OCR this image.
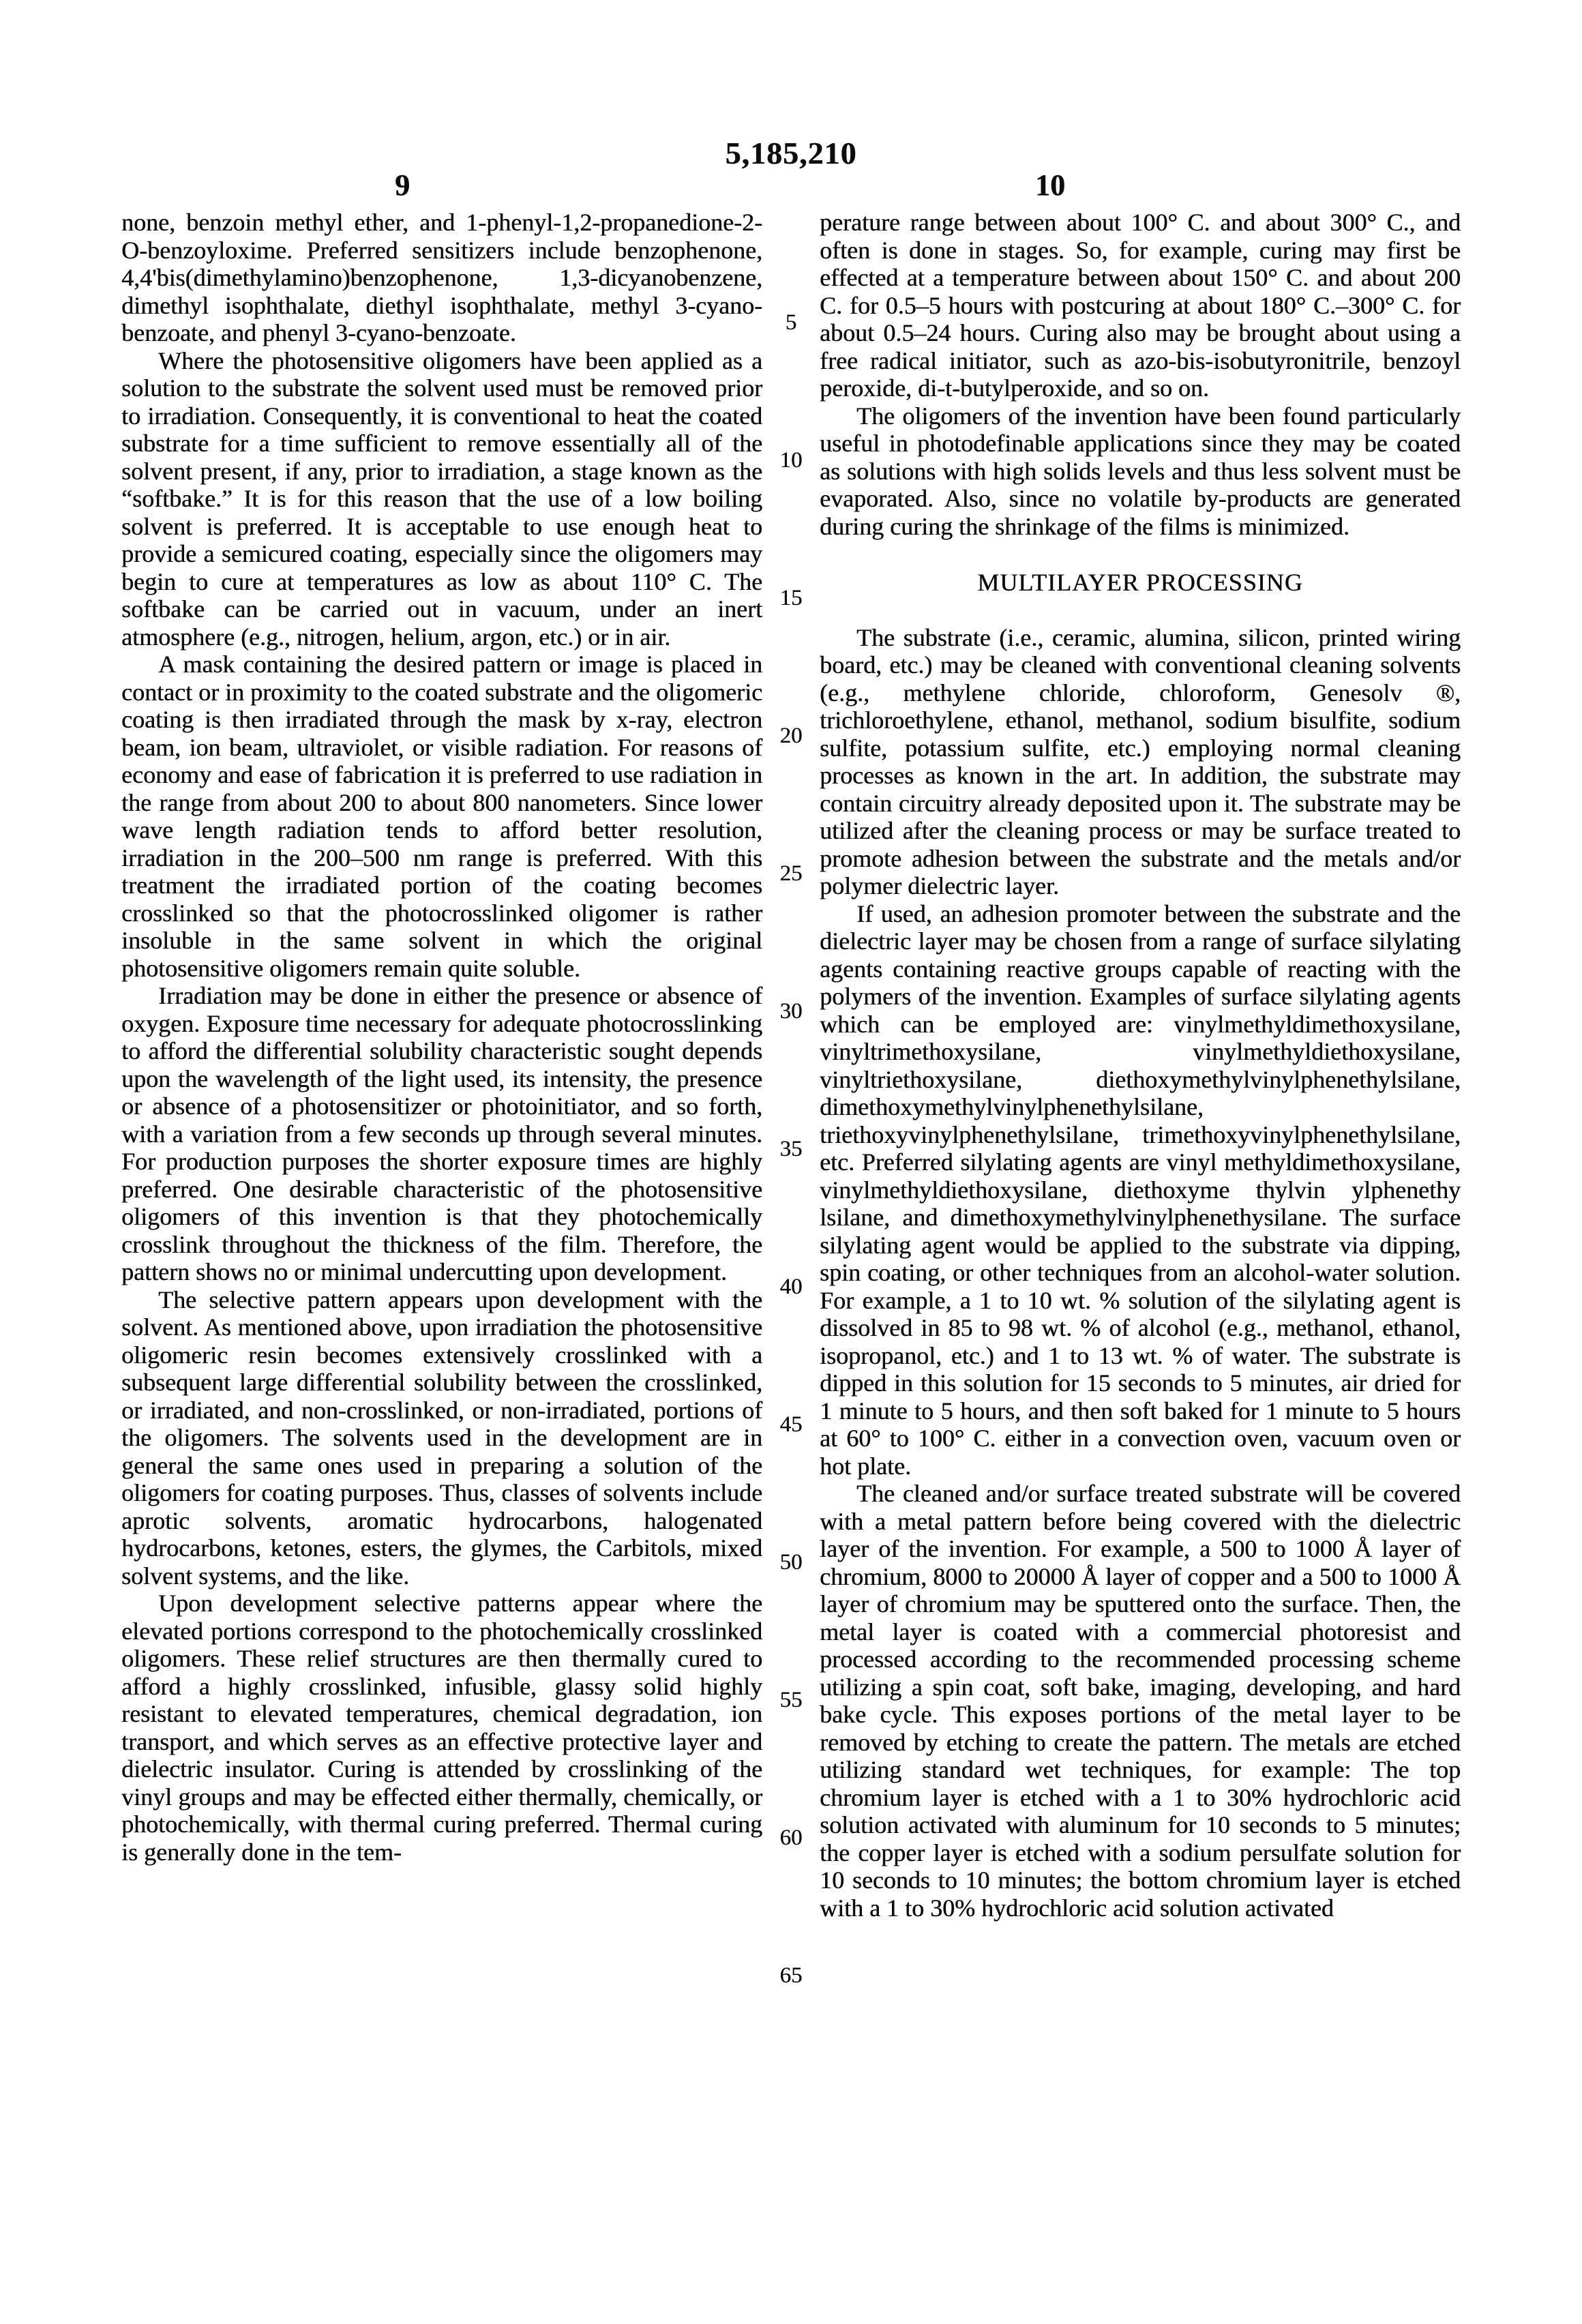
5,185,210
9	10
5
10
15
20
25
30
35
40
45
50
55
60
65

none, benzoin methyl ether, and 1-phenyl-1,2-propanedione-2-O-benzoyloxime. Preferred sensitizers include benzophenone, 4,4'bis(dimethylamino)benzophenone, 1,3-dicyanobenzene, dimethyl isophthalate, diethyl isophthalate, methyl 3-cyano-benzoate, and phenyl 3-cyano-benzoate.

Where the photosensitive oligomers have been applied as a solution to the substrate the solvent used must be removed prior to irradiation. Consequently, it is conventional to heat the coated substrate for a time sufficient to remove essentially all of the solvent present, if any, prior to irradiation, a stage known as the “softbake.” It is for this reason that the use of a low boiling solvent is preferred. It is acceptable to use enough heat to provide a semicured coating, especially since the oligomers may begin to cure at temperatures as low as about 110° C. The softbake can be carried out in vacuum, under an inert atmosphere (e.g., nitrogen, helium, argon, etc.) or in air.

A mask containing the desired pattern or image is placed in contact or in proximity to the coated substrate and the oligomeric coating is then irradiated through the mask by x-ray, electron beam, ion beam, ultraviolet, or visible radiation. For reasons of economy and ease of fabrication it is preferred to use radiation in the range from about 200 to about 800 nanometers. Since lower wave length radiation tends to afford better resolution, irradiation in the 200–500 nm range is preferred. With this treatment the irradiated portion of the coating becomes crosslinked so that the photocrosslinked oligomer is rather insoluble in the same solvent in which the original photosensitive oligomers remain quite soluble.

Irradiation may be done in either the presence or absence of oxygen. Exposure time necessary for adequate photocrosslinking to afford the differential solubility characteristic sought depends upon the wavelength of the light used, its intensity, the presence or absence of a photosensitizer or photoinitiator, and so forth, with a variation from a few seconds up through several minutes. For production purposes the shorter exposure times are highly preferred. One desirable characteristic of the photosensitive oligomers of this invention is that they photochemically crosslink throughout the thickness of the film. Therefore, the pattern shows no or minimal undercutting upon development.

The selective pattern appears upon development with the solvent. As mentioned above, upon irradiation the photosensitive oligomeric resin becomes extensively crosslinked with a subsequent large differential solubility between the crosslinked, or irradiated, and non-crosslinked, or non-irradiated, portions of the oligomers. The solvents used in the development are in general the same ones used in preparing a solution of the oligomers for coating purposes. Thus, classes of solvents include aprotic solvents, aromatic hydrocarbons, halogenated hydrocarbons, ketones, esters, the glymes, the Carbitols, mixed solvent systems, and the like.

Upon development selective patterns appear where the elevated portions correspond to the photochemically crosslinked oligomers. These relief structures are then thermally cured to afford a highly crosslinked, infusible, glassy solid highly resistant to elevated temperatures, chemical degradation, ion transport, and which serves as an effective protective layer and dielectric insulator. Curing is attended by crosslinking of the vinyl groups and may be effected either thermally, chemically, or photochemically, with thermal curing preferred. Thermal curing is generally done in the tem-

perature range between about 100° C. and about 300° C., and often is done in stages. So, for example, curing may first be effected at a temperature between about 150° C. and about 200 C. for 0.5–5 hours with postcuring at about 180° C.–300° C. for about 0.5–24 hours. Curing also may be brought about using a free radical initiator, such as azo-bis-isobutyronitrile, benzoyl peroxide, di-t-butylperoxide, and so on.

The oligomers of the invention have been found particularly useful in photodefinable applications since they may be coated as solutions with high solids levels and thus less solvent must be evaporated. Also, since no volatile by-products are generated during curing the shrinkage of the films is minimized.

MULTILAYER PROCESSING

The substrate (i.e., ceramic, alumina, silicon, printed wiring board, etc.) may be cleaned with conventional cleaning solvents (e.g., methylene chloride, chloroform, Genesolv ®, trichloroethylene, ethanol, methanol, sodium bisulfite, sodium sulfite, potassium sulfite, etc.) employing normal cleaning processes as known in the art. In addition, the substrate may contain circuitry already deposited upon it. The substrate may be utilized after the cleaning process or may be surface treated to promote adhesion between the substrate and the metals and/or polymer dielectric layer.

If used, an adhesion promoter between the substrate and the dielectric layer may be chosen from a range of surface silylating agents containing reactive groups capable of reacting with the polymers of the invention. Examples of surface silylating agents which can be employed are: vinylmethyldimethoxysilane, vinyltrimethoxysilane, vinylmethyldiethoxysilane, vinyltriethoxysilane, diethoxymethylvinylphenethylsilane, dimethoxymethylvinylphenethylsilane, triethoxyvinylphenethylsilane, trimethoxyvinylphenethylsilane, etc. Preferred silylating agents are vinyl methyldimethoxysilane, vinylmethyldiethoxysilane, diethoxyme thylvin ylphenethy lsilane, and dimethoxymethylvinylphenethysilane. The surface silylating agent would be applied to the substrate via dipping, spin coating, or other techniques from an alcohol-water solution. For example, a 1 to 10 wt. % solution of the silylating agent is dissolved in 85 to 98 wt. % of alcohol (e.g., methanol, ethanol, isopropanol, etc.) and 1 to 13 wt. % of water. The substrate is dipped in this solution for 15 seconds to 5 minutes, air dried for 1 minute to 5 hours, and then soft baked for 1 minute to 5 hours at 60° to 100° C. either in a convection oven, vacuum oven or hot plate.

The cleaned and/or surface treated substrate will be covered with a metal pattern before being covered with the dielectric layer of the invention. For example, a 500 to 1000 Å layer of chromium, 8000 to 20000 Å layer of copper and a 500 to 1000 Å layer of chromium may be sputtered onto the surface. Then, the metal layer is coated with a commercial photoresist and processed according to the recommended processing scheme utilizing a spin coat, soft bake, imaging, developing, and hard bake cycle. This exposes portions of the metal layer to be removed by etching to create the pattern. The metals are etched utilizing standard wet techniques, for example: The top chromium layer is etched with a 1 to 30% hydrochloric acid solution activated with aluminum for 10 seconds to 5 minutes; the copper layer is etched with a sodium persulfate solution for 10 seconds to 10 minutes; the bottom chromium layer is etched with a 1 to 30% hydrochloric acid solution activated
